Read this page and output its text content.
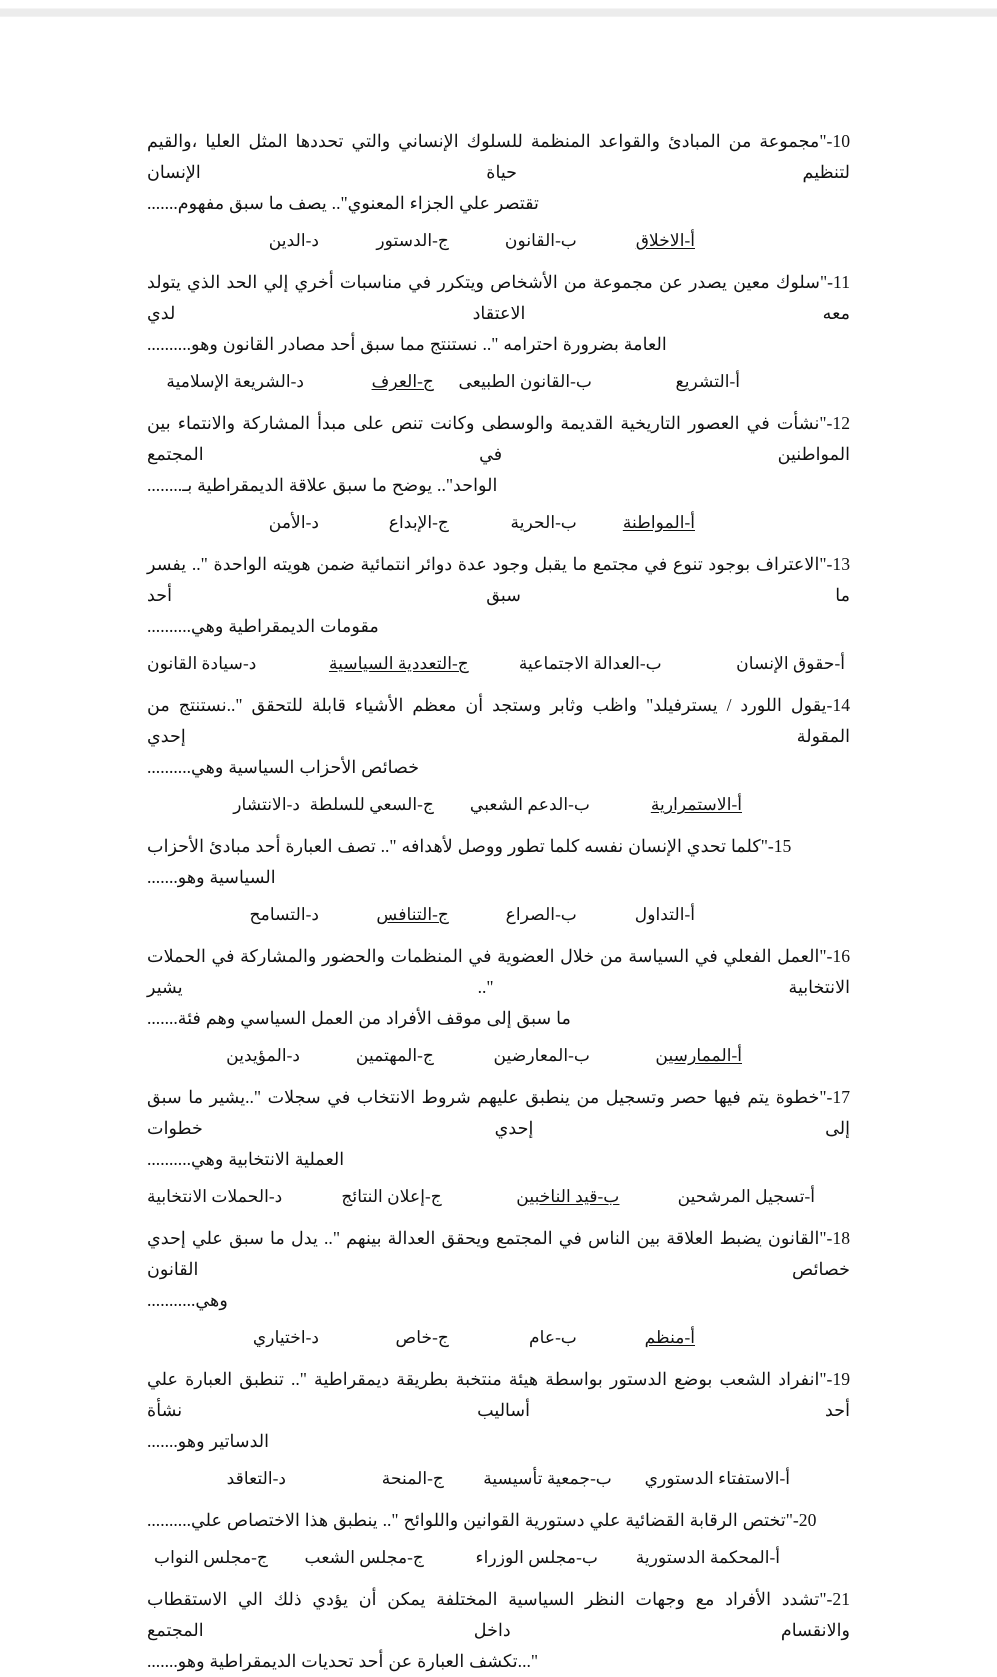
10-"مجموعة من المبادئ والقواعد المنظمة للسلوك الإنساني والتي تحددها المثل العليا ،والقيم لتنظيم حياة الإنسان
تقتصر علي الجزاء المعنوي".. يصف ما سبق مفهوم.......
أ-الاخلاق
ب-القانون
ج-الدستور
د-الدين
11-"سلوك معين يصدر عن مجموعة من الأشخاص ويتكرر في مناسبات أخري إلي الحد الذي يتولد معه الاعتقاد لدي
العامة بضرورة احترامه ".. نستنتج مما سبق أحد مصادر القانون وهو..........
أ-التشريع
ب-القانون الطبيعى
ج-العرف
د-الشريعة الإسلامية
12-"نشأت في العصور التاريخية القديمة والوسطى وكانت تنص على مبدأ المشاركة والانتماء بين المواطنين في المجتمع
الواحد".. يوضح ما سبق علاقة الديمقراطية بـ........
أ-المواطنة
ب-الحرية
ج-الإبداع
د-الأمن
13-"الاعتراف بوجود تنوع في مجتمع ما يقبل وجود عدة دوائر انتمائية ضمن هويته الواحدة ".. يفسر ما سبق أحد
مقومات الديمقراطية وهي..........
أ-حقوق الإنسان
ب-العدالة الاجتماعية
ج-التعددية السياسية
د-سيادة القانون
14-يقول اللورد / يسترفيلد" واظب وثابر وستجد أن معظم الأشياء قابلة للتحقق "..نستنتج من المقولة إحدي
خصائص الأحزاب السياسية وهي..........
أ-الاستمرارية
ب-الدعم الشعبي
ج-السعي للسلطة
د-الانتشار
15-"كلما تحدي الإنسان نفسه كلما تطور ووصل لأهدافه ".. تصف العبارة أحد مبادئ الأحزاب السياسية وهو.......
أ-التداول
ب-الصراع
ج-التنافس
د-التسامح
16-"العمل الفعلي في السياسة من خلال العضوية في المنظمات والحضور والمشاركة في الحملات الانتخابية ".. يشير
ما سبق إلى موقف الأفراد من العمل السياسي وهم فئة.......
أ-الممارسين
ب-المعارضين
ج-المهتمين
د-المؤيدين
17-"خطوة يتم فيها حصر وتسجيل من ينطبق عليهم شروط الانتخاب في سجلات "..يشير ما سبق إلى إحدي خطوات
العملية الانتخابية وهي..........
أ-تسجيل المرشحين
ب-قيد الناخبين
ج-إعلان النتائج
د-الحملات الانتخابية
18-"القانون يضبط العلاقة بين الناس في المجتمع ويحقق العدالة بينهم ".. يدل ما سبق علي إحدي خصائص القانون
وهي...........
أ-منظم
ب-عام
ج-خاص
د-اختياري
19-"انفراد الشعب بوضع الدستور بواسطة هيئة منتخبة بطريقة ديمقراطية ".. تنطبق العبارة علي أحد أساليب نشأة
الدساتير وهو.......
أ-الاستفتاء الدستوري
ب-جمعية تأسيسية
ج-المنحة
د-التعاقد
20-"تختص الرقابة القضائية علي دستورية القوانين واللوائح ".. ينطبق هذا الاختصاص علي..........
أ-المحكمة الدستورية
ب-مجلس الوزراء
ج-مجلس الشعب
ج-مجلس النواب
21-"تشدد الأفراد مع وجهات النظر السياسية المختلفة يمكن أن يؤدي ذلك الي الاستقطاب والانقسام داخل المجتمع
"...تكشف العبارة عن أحد تحديات الديمقراطية وهو.......
